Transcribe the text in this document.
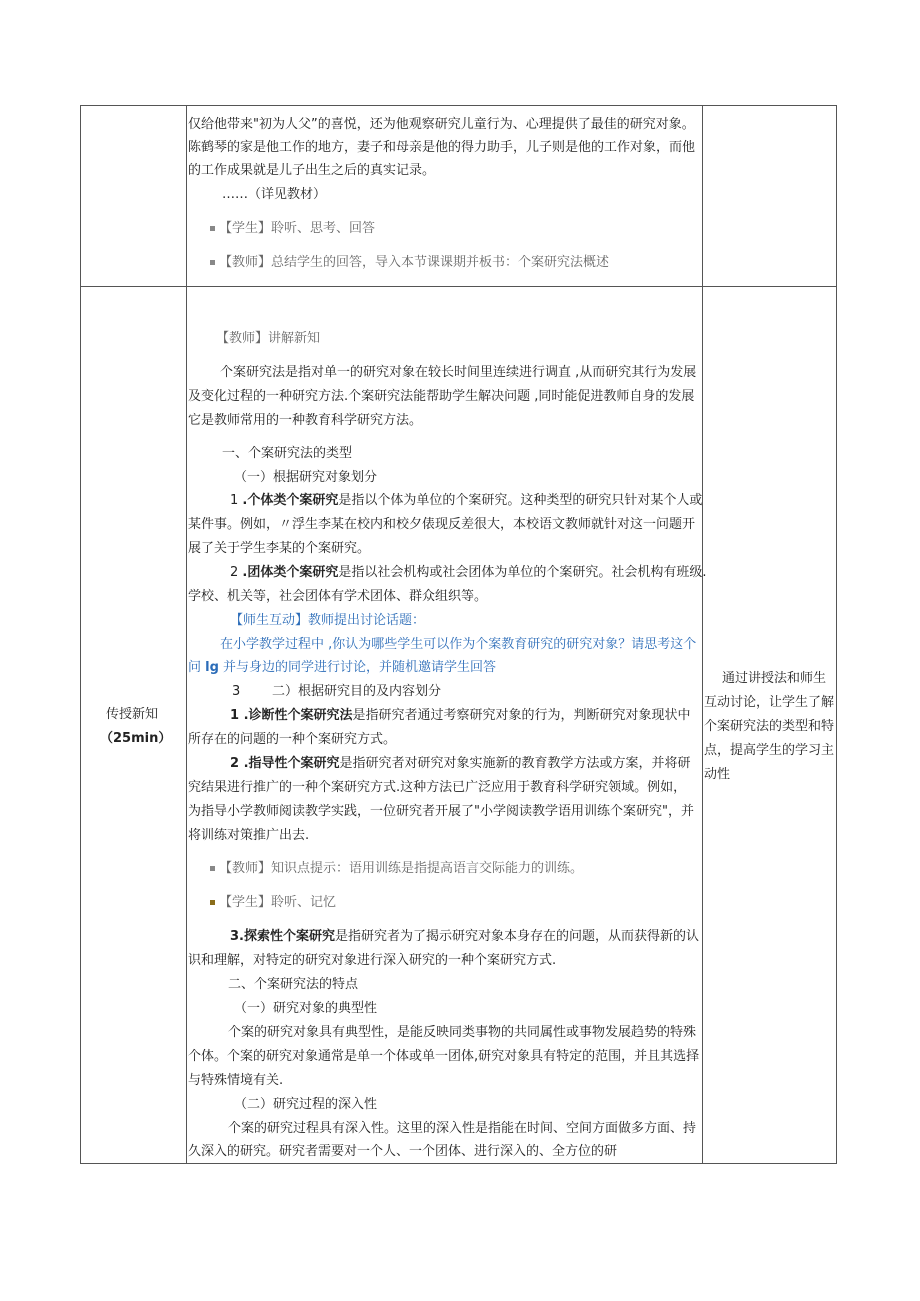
仅给他带来"初为人父”的喜悦，还为他观察研究儿童行为、心理提供了最佳的研究对象。
陈鹤琴的家是他工作的地方，妻子和母亲是他的得力助手，儿子则是他的工作对象，而他
的工作成果就是儿子出生之后的真实记录。
……（详见教材）
【学生】聆听、思考、回答
【教师】总结学生的回答，导入本节课课期并板书：个案研究法概述
传授新知
（25min）
通过讲授法和师生
互动讨论，让学生了解
个案研究法的类型和特
点，提高学生的学习主
动性
【教师】讲解新知
个案研究法是指对单一的研究对象在较长时间里连续进行调直 ,从而研究其行为发展
及变化过程的一种研究方法.个案研究法能帮助学生解决问题 ,同时能促进教师自身的发展
它是教师常用的一种教育科学研究方法。
一、个案研究法的类型
（一）根据研究对象划分
1 .个体类个案研究是指以个体为单位的个案研究。这种类型的研究只针对某个人或
某件事。例如，〃浮生李某在校内和校夕俵现反差很大，本校语文教师就针对这一问题开
展了关于学生李某的个案研究。
2 .团体类个案研究是指以社会机构或社会团体为单位的个案研究。社会机构有班级.
学校、机关等，社会团体有学术团体、群众组织等。
【师生互动】教师提出讨论话题：
在小学教学过程中 ,你认为哪些学生可以作为个案教育研究的研究对象？请思考这个
问 lg 并与身边的同学进行讨论，并随机邀请学生回答
3 二）根据研究目的及内容划分
1 .诊断性个案研究法是指研究者通过考察研究对象的行为，判断研究对象现状中
所存在的问题的一种个案研究方式。
2 .指导性个案研究是指研究者对研究对象实施新的教育教学方法或方案，并将研
究结果进行推广的一种个案研究方式.这种方法已广泛应用于教育科学研究领域。例如，
为指导小学教师阅读教学实践，一位研究者开展了"小学阅读教学语用训练个案研究"，并
将训练对策推广出去.
【教师】知识点提示：语用训练是指提高语言交际能力的训练。
【学生】聆听、记忆
3.探索性个案研究是指研究者为了揭示研究对象本身存在的问题，从而获得新的认
识和理解，对特定的研究对象进行深入研究的一种个案研究方式.
二、个案研究法的特点
（一）研究对象的典型性
个案的研究对象具有典型性，是能反映同类事物的共同属性或事物发展趋势的特殊
个体。个案的研究对象通常是单一个体或单一团体,研究对象具有特定的范围，并且其选择
与特殊情境有关.
（二）研究过程的深入性
个案的研究过程具有深入性。这里的深入性是指能在时间、空间方面做多方面、持
久深入的研究。研究者需要对一个人、一个团体、进行深入的、全方位的研
